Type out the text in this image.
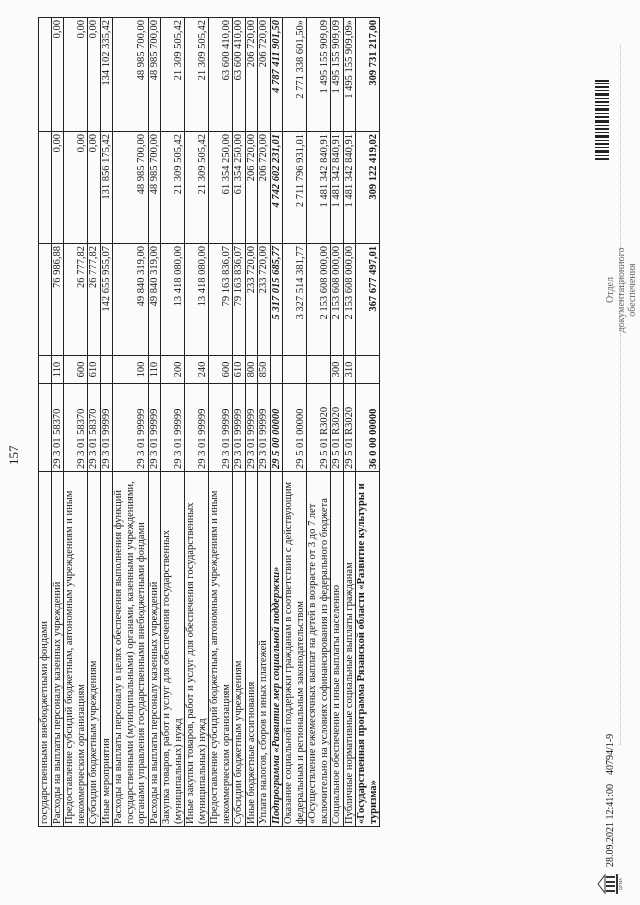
157
государственными внебюджетными фондами					
Расходы на выплаты персоналу казенных учреждений	29 3 01 58370	110	76 986,88	0,00	0,00
Предоставление субсидий бюджетным, автономным учреждениям и иным некоммерческим организациям	29 3 01 58370	600	26 777,82	0,00	0,00
Субсидии бюджетным учреждениям	29 3 01 58370	610	26 777,82	0,00	0,00
Иные мероприятия	29 3 01 99999		142 655 955,07	131 856 175,42	134 102 335,42
Расходы на выплаты персоналу в целях обеспечения выполнения функций государственными (муниципальными) органами, казенными учреждениями, органами управления государственными внебюджетными фондами	29 3 01 99999	100	49 840 319,00	48 985 700,00	48 985 700,00
Расходы на выплаты персоналу казенных учреждений	29 3 01 99999	110	49 840 319,00	48 985 700,00	48 985 700,00
Закупка товаров, работ и услуг для обеспечения государственных (муниципальных) нужд	29 3 01 99999	200	13 418 080,00	21 309 505,42	21 309 505,42
Иные закупки товаров, работ и услуг для обеспечения государственных (муниципальных) нужд	29 3 01 99999	240	13 418 080,00	21 309 505,42	21 309 505,42
Предоставление субсидий бюджетным, автономным учреждениям и иным некоммерческим организациям	29 3 01 99999	600	79 163 836,07	61 354 250,00	63 600 410,00
Субсидии бюджетным учреждениям	29 3 01 99999	610	79 163 836,07	61 354 250,00	63 600 410,00
Иные бюджетные ассигнования	29 3 01 99999	800	233 720,00	206 720,00	206 720,00
Уплата налогов, сборов и иных платежей	29 3 01 99999	850	233 720,00	206 720,00	206 720,00
Подпрограмма «Развитие мер социальной поддержки»	29 5 00 00000		5 317 015 685,77	4 742 602 231,01	4 787 411 901,50
Оказание социальной поддержки гражданам в соответствии с действующим федеральным и региональным законодательством	29 5 01 00000		3 327 514 381,77	2 711 796 931,01	2 771 338 601,50»
«Осуществление ежемесячных выплат на детей в возрасте от 3 до 7 лет включительно на условиях софинансирования из федерального бюджета	29 5 01 R3020		2 153 608 000,00	1 481 342 840,91	1 495 155 909,09
Социальное обеспечение и иные выплаты населению	29 5 01 R3020	300	2 153 608 000,00	1 481 342 840,91	1 495 155 909,09
Публичные нормативные социальные выплаты гражданам	29 5 01 R3020	310	2 153 608 000,00	1 481 342 840,91	1 495 155 909,09»
«Государственная программа Рязанской области «Развитие культуры и туризма»	36 0 00 00000		367 677 497,01	309 122 419,02	309 731 217,00
ДУМА
28.09.2021 12:41:00
40794/1-9
Отдел документационного обеспечения
